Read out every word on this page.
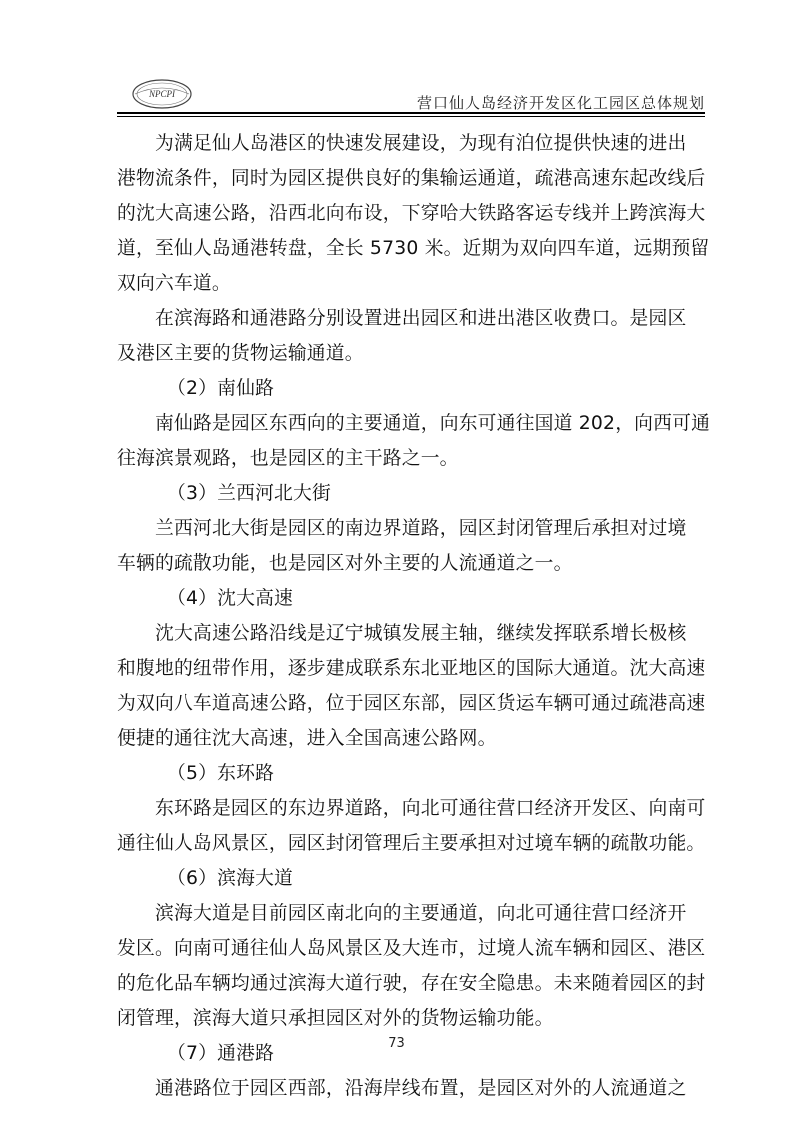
NPCPI	营口仙人岛经济开发区化工园区总体规划
为满足仙人岛港区的快速发展建设，为现有泊位提供快速的进出
港物流条件，同时为园区提供良好的集输运通道，疏港高速东起改线后
的沈大高速公路，沿西北向布设，下穿哈大铁路客运专线并上跨滨海大
道，至仙人岛通港转盘，全长 5730 米。近期为双向四车道，远期预留
双向六车道。
在滨海路和通港路分别设置进出园区和进出港区收费口。是园区
及港区主要的货物运输通道。
（2）南仙路
南仙路是园区东西向的主要通道，向东可通往国道 202，向西可通
往海滨景观路，也是园区的主干路之一。
（3）兰西河北大街
兰西河北大街是园区的南边界道路，园区封闭管理后承担对过境
车辆的疏散功能，也是园区对外主要的人流通道之一。
（4）沈大高速
沈大高速公路沿线是辽宁城镇发展主轴，继续发挥联系增长极核
和腹地的纽带作用，逐步建成联系东北亚地区的国际大通道。沈大高速
为双向八车道高速公路，位于园区东部，园区货运车辆可通过疏港高速
便捷的通往沈大高速，进入全国高速公路网。
（5）东环路
东环路是园区的东边界道路，向北可通往营口经济开发区、向南可
通往仙人岛风景区，园区封闭管理后主要承担对过境车辆的疏散功能。
（6）滨海大道
滨海大道是目前园区南北向的主要通道，向北可通往营口经济开
发区。向南可通往仙人岛风景区及大连市，过境人流车辆和园区、港区
的危化品车辆均通过滨海大道行驶，存在安全隐患。未来随着园区的封
闭管理，滨海大道只承担园区对外的货物运输功能。
（7）通港路
通港路位于园区西部，沿海岸线布置，是园区对外的人流通道之
73
